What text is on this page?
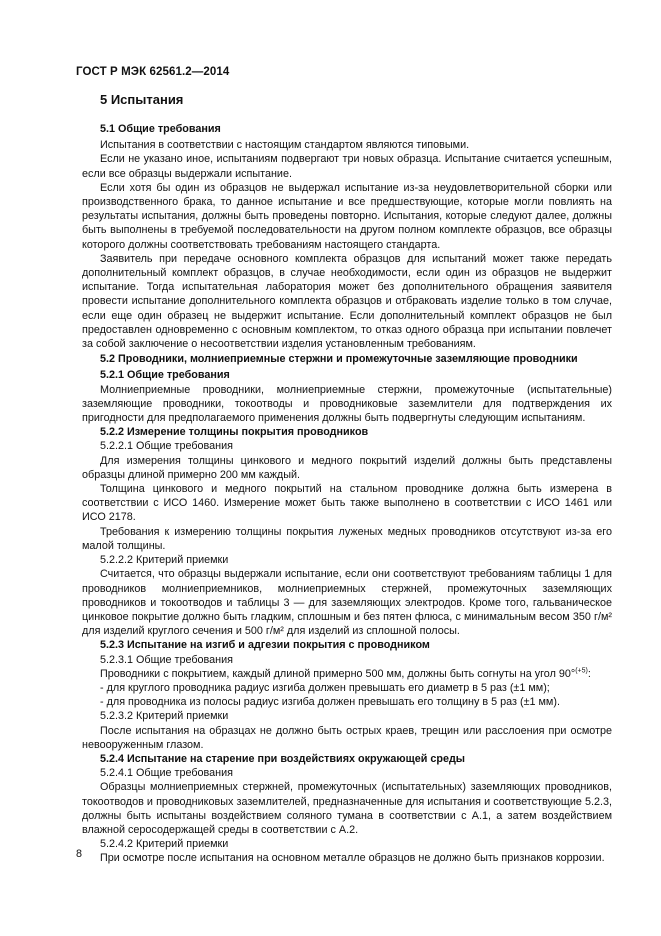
ГОСТ Р МЭК 62561.2—2014
5 Испытания
5.1 Общие требования

Испытания в соответствии с настоящим стандартом являются типовыми.

Если не указано иное, испытаниям подвергают три новых образца. Испытание считается успешным, если все образцы выдержали испытание.

Если хотя бы один из образцов не выдержал испытание из-за неудовлетворительной сборки или производственного брака, то данное испытание и все предшествующие, которые могли повлиять на результаты испытания, должны быть проведены повторно. Испытания, которые следуют далее, должны быть выполнены в требуемой последовательности на другом полном комплекте образцов, все образцы которого должны соответствовать требованиям настоящего стандарта.

Заявитель при передаче основного комплекта образцов для испытаний может также передать дополнительный комплект образцов, в случае необходимости, если один из образцов не выдержит испытание. Тогда испытательная лаборатория может без дополнительного обращения заявителя провести испытание дополнительного комплекта образцов и отбраковать изделие только в том случае, если еще один образец не выдержит испытание. Если дополнительный комплект образцов не был предоставлен одновременно с основным комплектом, то отказ одного образца при испытании повлечет за собой заключение о несоответствии изделия установленным требованиям.

5.2 Проводники, молниеприемные стержни и промежуточные заземляющие проводники
5.2.1 Общие требования

Молниеприемные проводники, молниеприемные стержни, промежуточные (испытательные) заземляющие проводники, токоотводы и проводниковые заземлители для подтверждения их пригодности для предполагаемого применения должны быть подвергнуты следующим испытаниям.

5.2.2 Измерение толщины покрытия проводников

5.2.2.1 Общие требования

Для измерения толщины цинкового и медного покрытий изделий должны быть представлены образцы длиной примерно 200 мм каждый.

Толщина цинкового и медного покрытий на стальном проводнике должна быть измерена в соответствии с ИСО 1460. Измерение может быть также выполнено в соответствии с ИСО 1461 или ИСО 2178.

Требования к измерению толщины покрытия луженых медных проводников отсутствуют из-за его малой толщины.

5.2.2.2 Критерий приемки

Считается, что образцы выдержали испытание, если они соответствуют требованиям таблицы 1 для проводников молниеприемников, молниеприемных стержней, промежуточных заземляющих проводников и токоотводов и таблицы 3 — для заземляющих электродов. Кроме того, гальваническое цинковое покрытие должно быть гладким, сплошным и без пятен флюса, с минимальным весом 350 г/м² для изделий круглого сечения и 500 г/м² для изделий из сплошной полосы.

5.2.3 Испытание на изгиб и адгезии покрытия с проводником

5.2.3.1 Общие требования

Проводники с покрытием, каждый длиной примерно 500 мм, должны быть согнуты на угол 90°$^{(+5)}$:

- для круглого проводника радиус изгиба должен превышать его диаметр в 5 раз (±1 мм);

- для проводника из полосы радиус изгиба должен превышать его толщину в 5 раз (±1 мм).

5.2.3.2 Критерий приемки

После испытания на образцах не должно быть острых краев, трещин или расслоения при осмотре невооруженным глазом.

5.2.4 Испытание на старение при воздействиях окружающей среды

5.2.4.1 Общие требования

Образцы молниеприемных стержней, промежуточных (испытательных) заземляющих проводников, токоотводов и проводниковых заземлителей, предназначенные для испытания и соответствующие 5.2.3, должны быть испытаны воздействием соляного тумана в соответствии с А.1, а затем воздействием влажной серосодержащей среды в соответствии с А.2.

5.2.4.2 Критерий приемки

При осмотре после испытания на основном металле образцов не должно быть признаков коррозии.

8
